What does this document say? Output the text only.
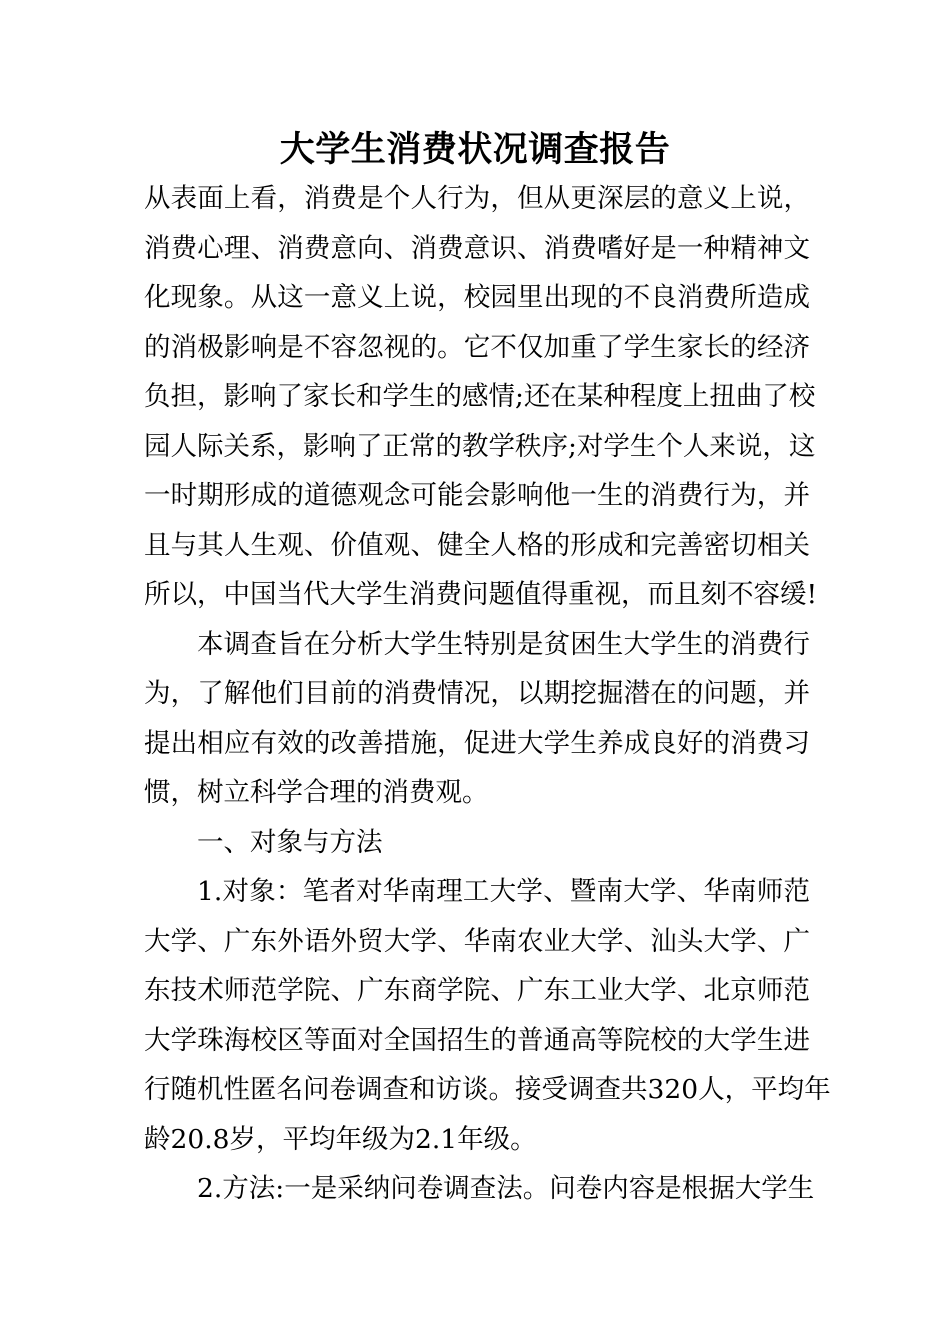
大学生消费状况调查报告
从表面上看，消费是个人行为，但从更深层的意义上说，
消费心理、消费意向、消费意识、消费嗜好是一种精神文
化现象。从这一意义上说，校园里出现的不良消费所造成
的消极影响是不容忽视的。它不仅加重了学生家长的经济
负担，影响了家长和学生的感情;还在某种程度上扭曲了校
园人际关系，影响了正常的教学秩序;对学生个人来说，这
一时期形成的道德观念可能会影响他一生的消费行为，并
且与其人生观、价值观、健全人格的形成和完善密切相关
所以，中国当代大学生消费问题值得重视，而且刻不容缓!
本调查旨在分析大学生特别是贫困生大学生的消费行
为，了解他们目前的消费情况，以期挖掘潜在的问题，并
提出相应有效的改善措施，促进大学生养成良好的消费习
惯，树立科学合理的消费观。
一、对象与方法
1.对象：笔者对华南理工大学、暨南大学、华南师范
大学、广东外语外贸大学、华南农业大学、汕头大学、广
东技术师范学院、广东商学院、广东工业大学、北京师范
大学珠海校区等面对全国招生的普通高等院校的大学生进
行随机性匿名问卷调查和访谈。接受调查共320人，平均年
龄20.8岁，平均年级为2.1年级。
2.方法:一是采纳问卷调查法。问卷内容是根据大学生
